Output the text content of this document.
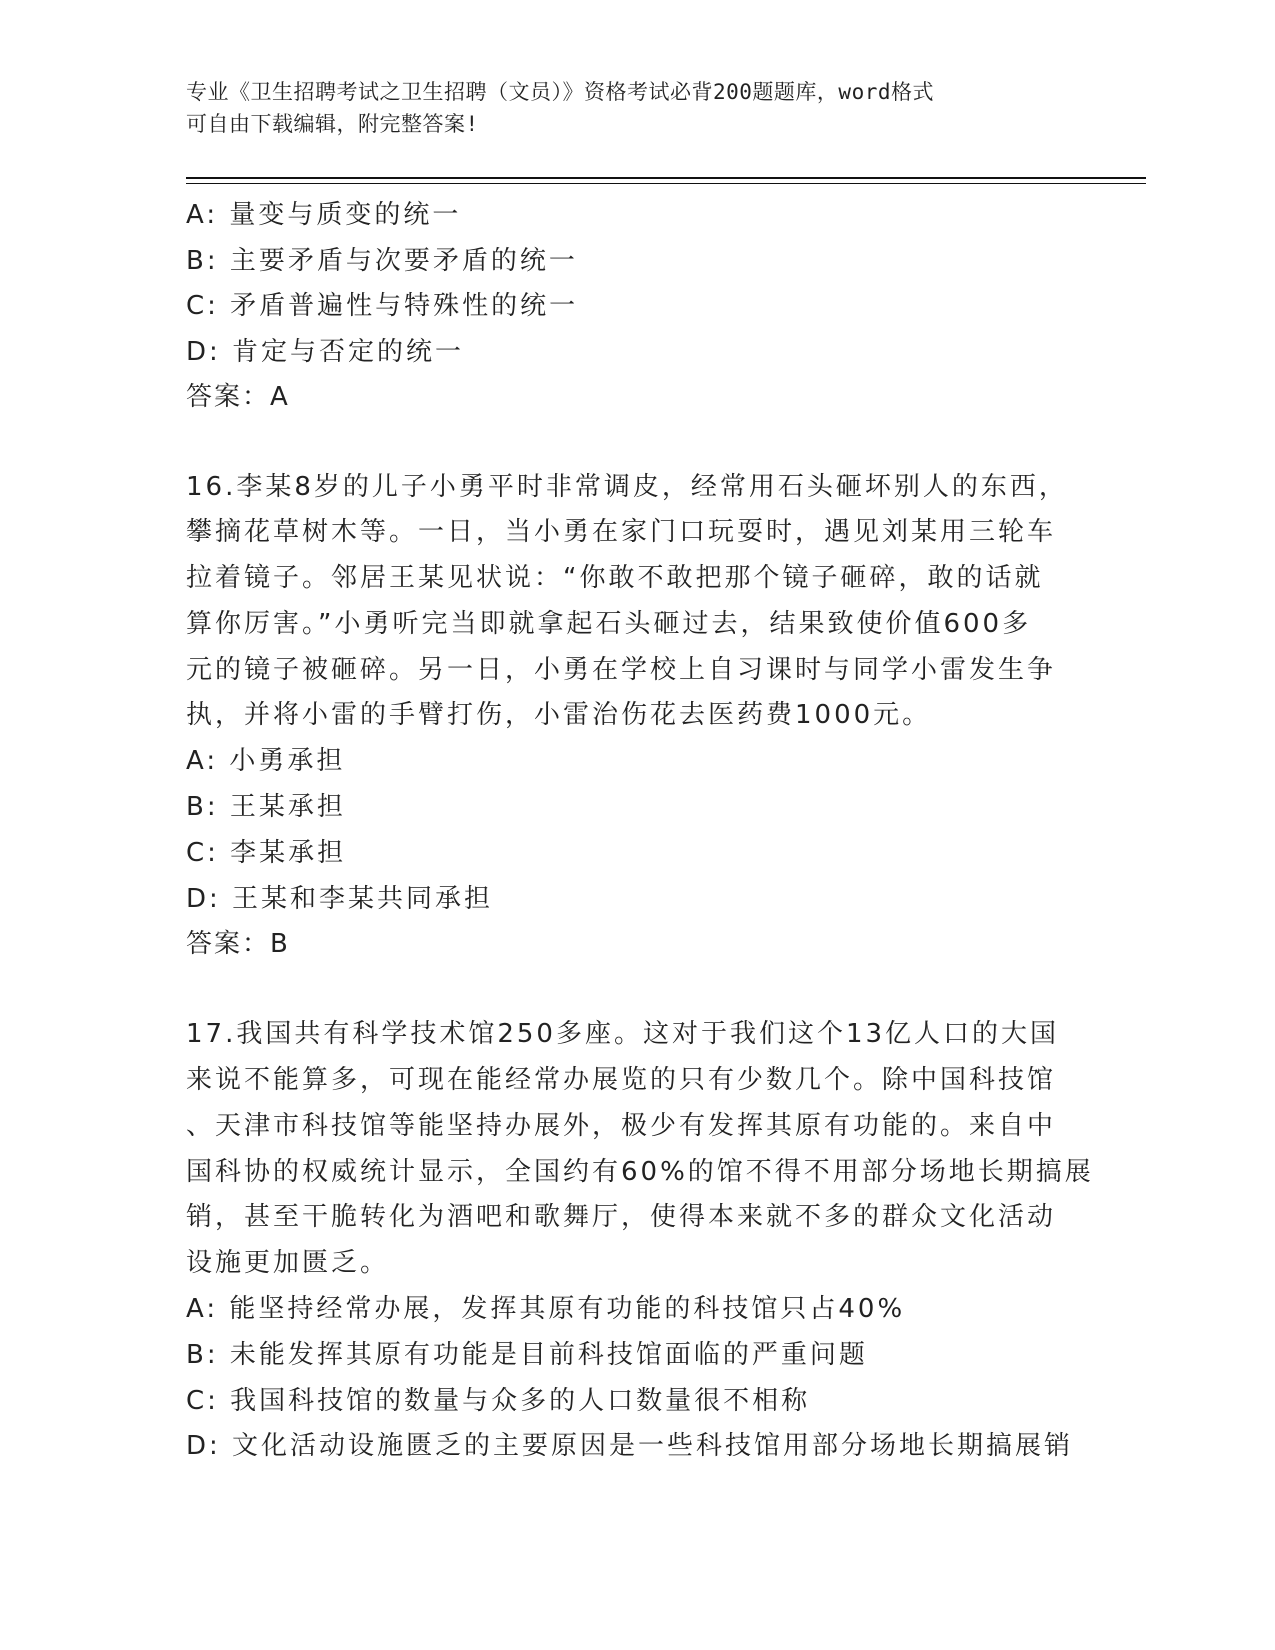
专业《卫生招聘考试之卫生招聘（文员）》资格考试必背200题题库，word格式
可自由下载编辑，附完整答案!
A: 量变与质变的统一
B: 主要矛盾与次要矛盾的统一
C: 矛盾普遍性与特殊性的统一
D: 肯定与否定的统一
答案：A
16.李某8岁的儿子小勇平时非常调皮，经常用石头砸坏别人的东西，
攀摘花草树木等。一日，当小勇在家门口玩耍时，遇见刘某用三轮车
拉着镜子。邻居王某见状说：“你敢不敢把那个镜子砸碎，敢的话就
算你厉害。”小勇听完当即就拿起石头砸过去，结果致使价值600多
元的镜子被砸碎。另一日，小勇在学校上自习课时与同学小雷发生争
执，并将小雷的手臂打伤，小雷治伤花去医药费1000元。
A: 小勇承担
B: 王某承担
C: 李某承担
D: 王某和李某共同承担
答案：B
17.我国共有科学技术馆250多座。这对于我们这个13亿人口的大国
来说不能算多，可现在能经常办展览的只有少数几个。除中国科技馆
、天津市科技馆等能坚持办展外，极少有发挥其原有功能的。来自中
国科协的权威统计显示，全国约有60%的馆不得不用部分场地长期搞展
销，甚至干脆转化为酒吧和歌舞厅，使得本来就不多的群众文化活动
设施更加匮乏。
A: 能坚持经常办展，发挥其原有功能的科技馆只占40%
B: 未能发挥其原有功能是目前科技馆面临的严重问题
C: 我国科技馆的数量与众多的人口数量很不相称
D: 文化活动设施匮乏的主要原因是一些科技馆用部分场地长期搞展销
